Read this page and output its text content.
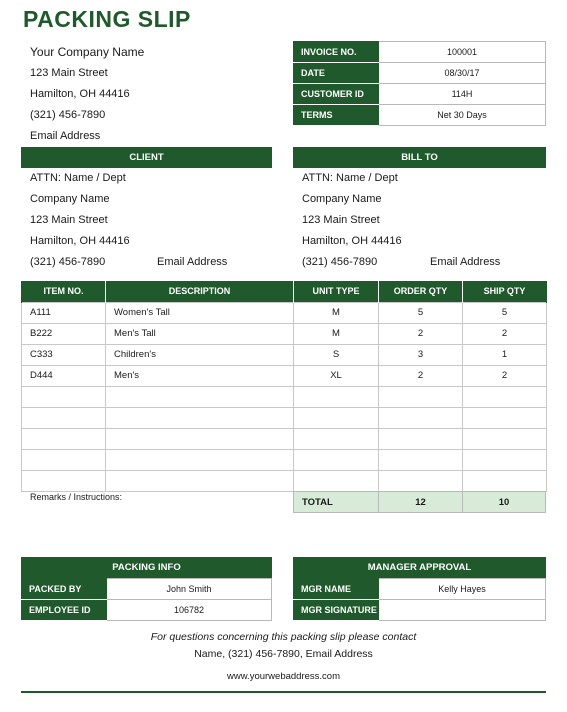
PACKING SLIP
Your Company Name
123 Main Street
Hamilton, OH 44416
(321) 456-7890
Email Address
INVOICE NO.	100001
DATE	08/30/17
CUSTOMER ID	114H
TERMS	Net 30 Days
CLIENT	BILL TO
ATTN: Name / Dept
Company Name
123 Main Street
Hamilton, OH 44416
(321) 456-7890	Email Address
ATTN: Name / Dept
Company Name
123 Main Street
Hamilton, OH 44416
(321) 456-7890	Email Address
ITEM NO.	DESCRIPTION	UNIT TYPE	ORDER QTY	SHIP QTY
A111	Women's Tall	M	5	5
B222	Men's Tall	M	2	2
C333	Children's	S	3	1
D444	Men's	XL	2	2

Remarks / Instructions:	TOTAL	12	10
PACKING INFO
PACKED BY	John Smith
EMPLOYEE ID	106782
MANAGER APPROVAL
MGR NAME	Kelly Hayes
MGR SIGNATURE	
For questions concerning this packing slip please contact
Name, (321) 456-7890, Email Address
www.yourwebaddress.com
